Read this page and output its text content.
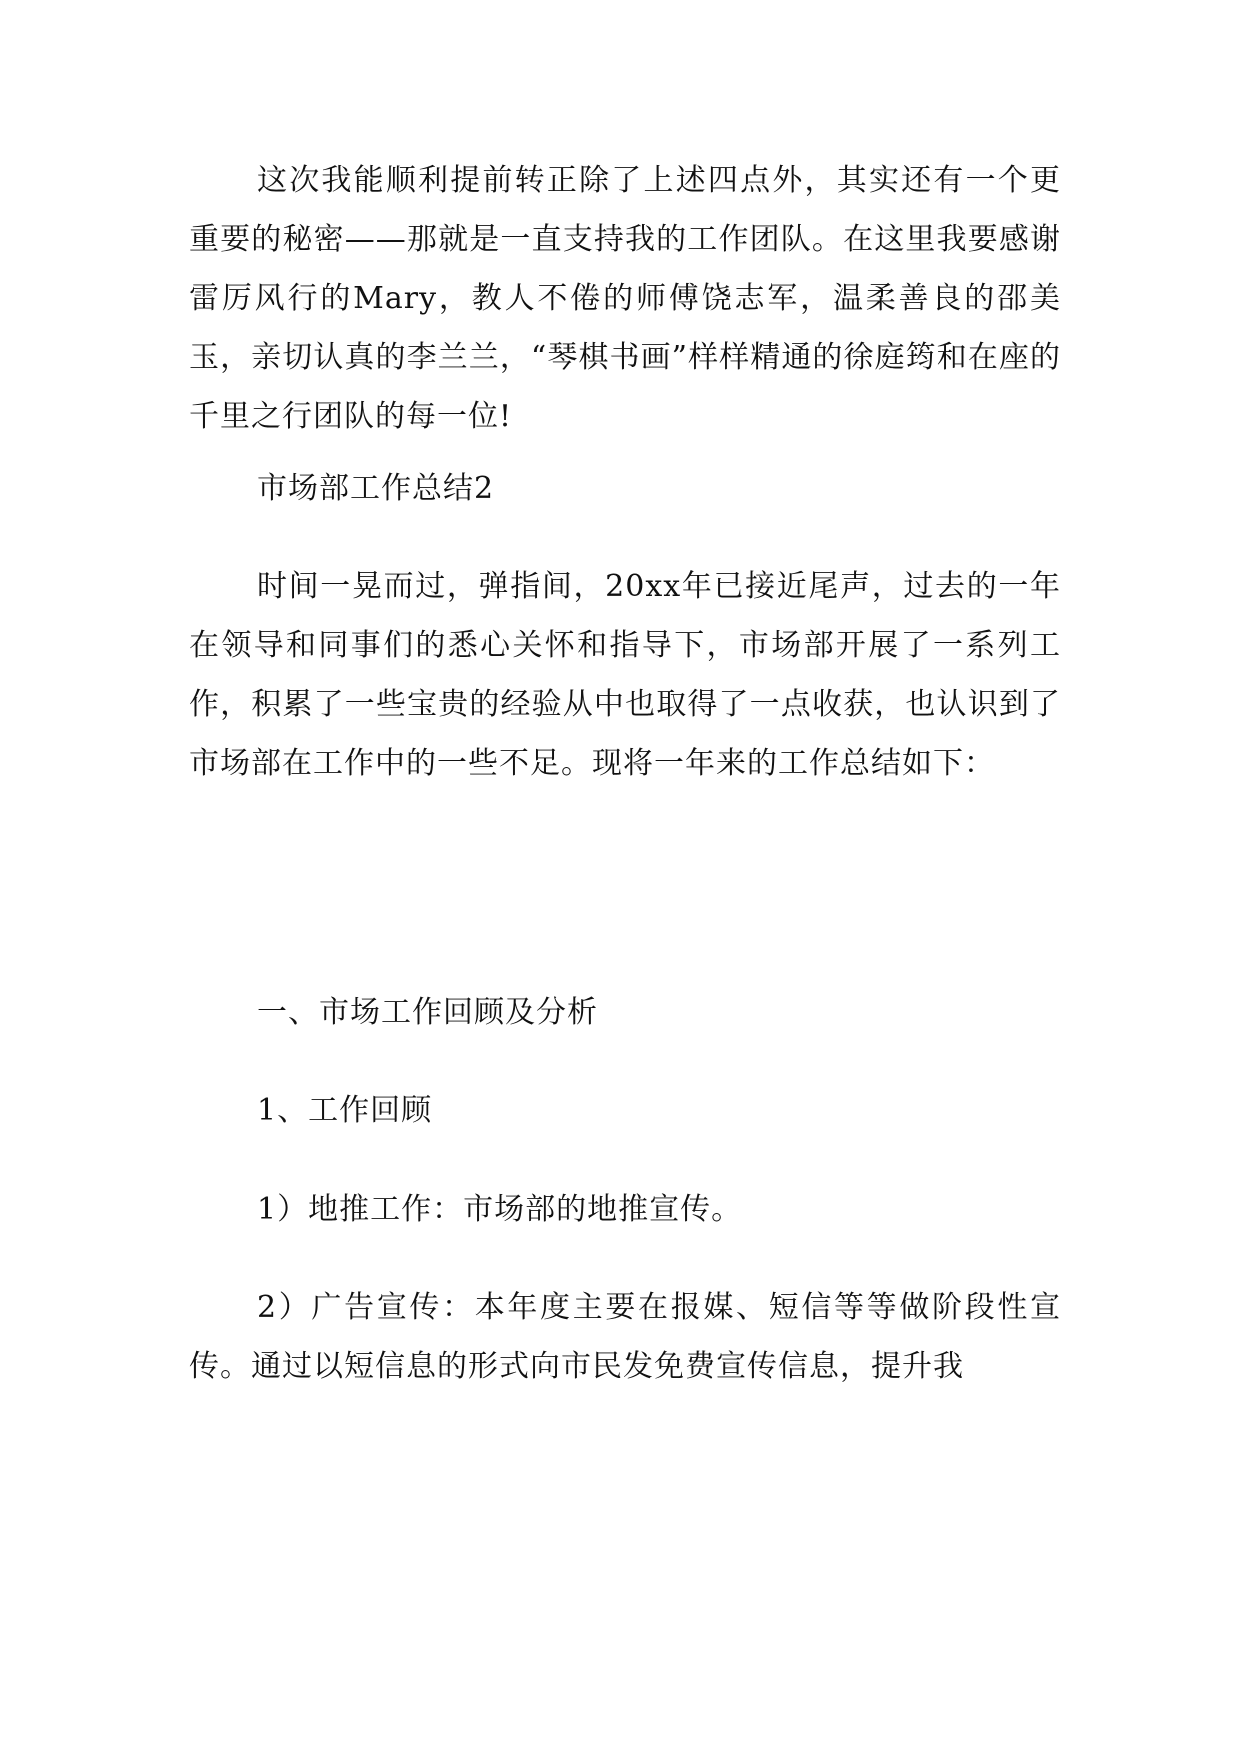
这次我能顺利提前转正除了上述四点外，其实还有一个更重要的秘密——那就是一直支持我的工作团队。在这里我要感谢雷厉风行的Mary，教人不倦的师傅饶志军，温柔善良的邵美玉，亲切认真的李兰兰，“琴棋书画”样样精通的徐庭筠和在座的千里之行团队的每一位!

市场部工作总结2

时间一晃而过，弹指间，20xx年已接近尾声，过去的一年在领导和同事们的悉心关怀和指导下，市场部开展了一系列工作，积累了一些宝贵的经验从中也取得了一点收获，也认识到了市场部在工作中的一些不足。现将一年来的工作总结如下：

一、市场工作回顾及分析

1、工作回顾

1）地推工作：市场部的地推宣传。

2）广告宣传：本年度主要在报媒、短信等等做阶段性宣传。通过以短信息的形式向市民发免费宣传信息，提升我
